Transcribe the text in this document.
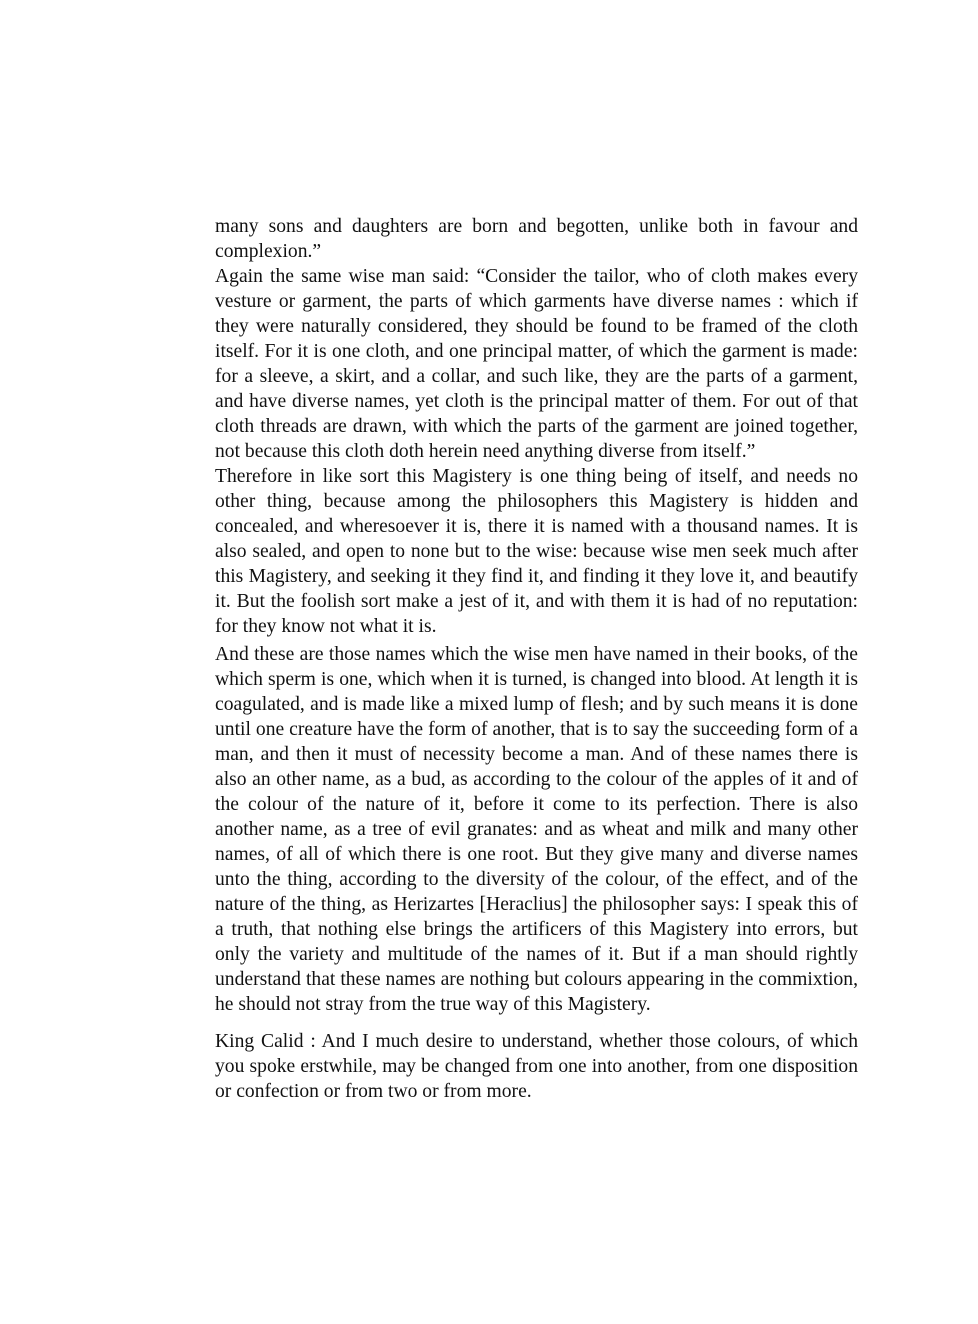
many sons and daughters are born and begotten, unlike both in favour and complexion.”

Again the same wise man said: “Consider the tailor, who of cloth makes every vesture or garment, the parts of which garments have diverse names : which if they were naturally considered, they should be found to be framed of the cloth itself. For it is one cloth, and one principal matter, of which the garment is made: for a sleeve, a skirt, and a collar, and such like, they are the parts of a garment, and have diverse names, yet cloth is the principal matter of them. For out of that cloth threads are drawn, with which the parts of the garment are joined together, not because this cloth doth herein need anything diverse from itself.”

Therefore in like sort this Magistery is one thing being of itself, and needs no other thing, because among the philosophers this Magistery is hidden and concealed, and wheresoever it is, there it is named with a thousand names. It is also sealed, and open to none but to the wise: because wise men seek much after this Magistery, and seeking it they find it, and finding it they love it, and beautify it. But the foolish sort make a jest of it, and with them it is had of no reputation: for they know not what it is.

And these are those names which the wise men have named in their books, of the which sperm is one, which when it is turned, is changed into blood. At length it is coagulated, and is made like a mixed lump of flesh; and by such means it is done until one creature have the form of another, that is to say the succeeding form of a man, and then it must of necessity become a man. And of these names there is also an other name, as a bud, as according to the colour of the apples of it and of the colour of the nature of it, before it come to its perfection. There is also another name, as a tree of evil granates: and as wheat and milk and many other names, of all of which there is one root. But they give many and diverse names unto the thing, according to the diversity of the colour, of the effect, and of the nature of the thing, as Herizartes [Heraclius] the philosopher says: I speak this of a truth, that nothing else brings the artificers of this Magistery into errors, but only the variety and multitude of the names of it. But if a man should rightly understand that these names are nothing but colours appearing in the commixtion, he should not stray from the true way of this Magistery.

King Calid : And I much desire to understand, whether those colours, of which you spoke erstwhile, may be changed from one into another, from one disposition or confection or from two or from more.
